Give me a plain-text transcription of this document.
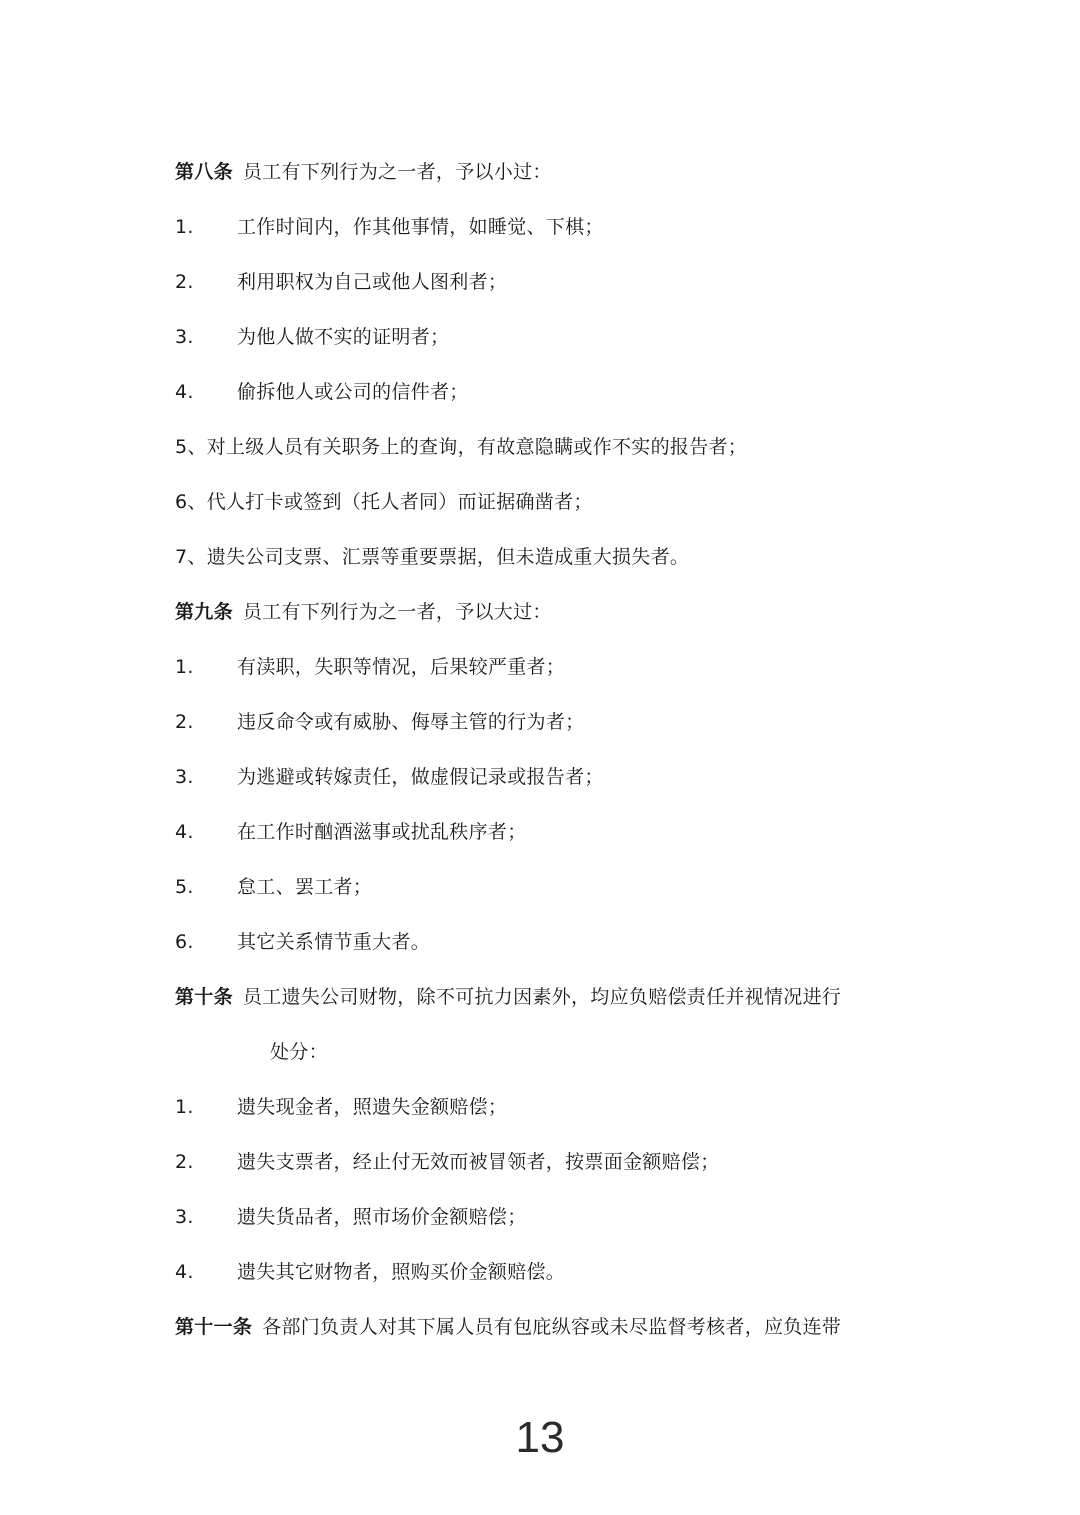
第八条 员工有下列行为之一者，予以小过：
1. 工作时间内，作其他事情，如睡觉、下棋；
2. 利用职权为自己或他人图利者；
3. 为他人做不实的证明者；
4. 偷拆他人或公司的信件者；
5、对上级人员有关职务上的查询，有故意隐瞒或作不实的报告者；
6、代人打卡或签到（托人者同）而证据确凿者；
7、遗失公司支票、汇票等重要票据，但未造成重大损失者。
第九条 员工有下列行为之一者，予以大过：
1. 有渎职，失职等情况，后果较严重者；
2. 违反命令或有威胁、侮辱主管的行为者；
3. 为逃避或转嫁责任，做虚假记录或报告者；
4. 在工作时酗酒滋事或扰乱秩序者；
5. 怠工、罢工者；
6. 其它关系情节重大者。
第十条 员工遗失公司财物，除不可抗力因素外，均应负赔偿责任并视情况进行
处分：
1. 遗失现金者，照遗失金额赔偿；
2. 遗失支票者，经止付无效而被冒领者，按票面金额赔偿；
3. 遗失货品者，照市场价金额赔偿；
4. 遗失其它财物者，照购买价金额赔偿。
第十一条 各部门负责人对其下属人员有包庇纵容或未尽监督考核者，应负连带
13
